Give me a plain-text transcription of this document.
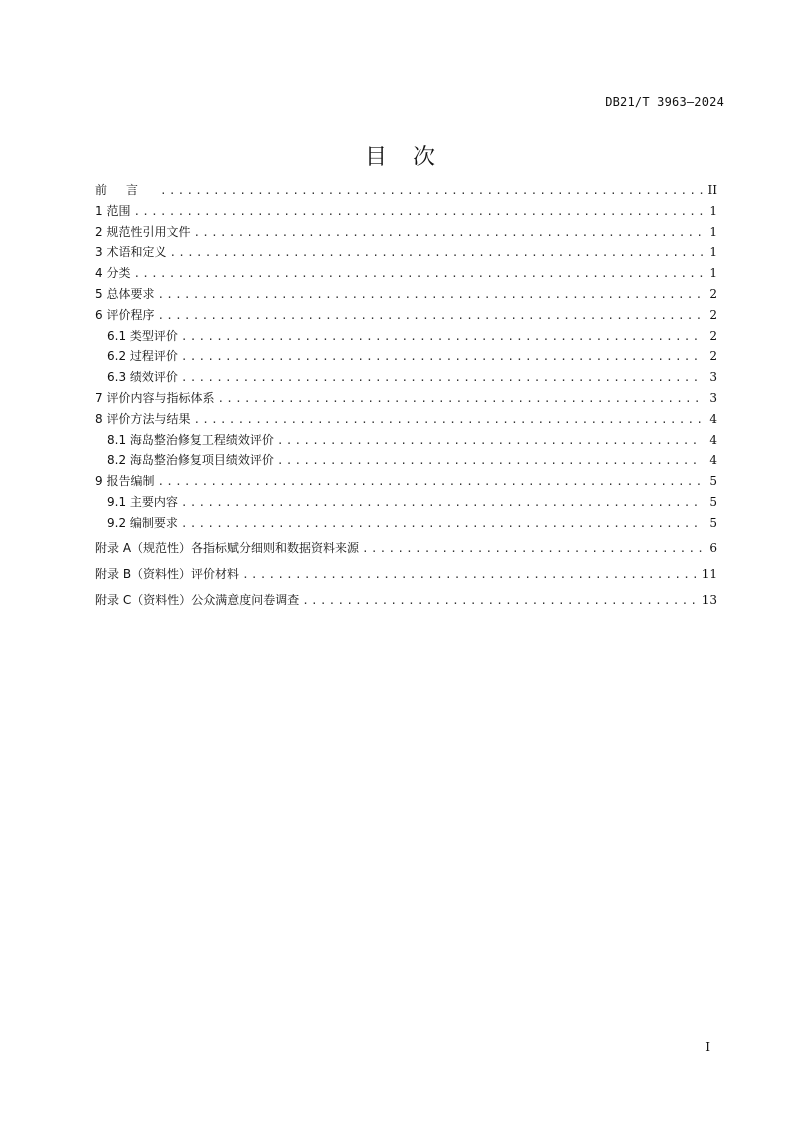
DB21/T 3963—2024
目次
前言 .....	II
1 范围 .....	1
2 规范性引用文件 .....	1
3 术语和定义 .....	1
4 分类 .....	1
5 总体要求 .....	2
6 评价程序 .....	2
6.1 类型评价 .....	2
6.2 过程评价 .....	2
6.3 绩效评价 .....	3
7 评价内容与指标体系 .....	3
8 评价方法与结果 .....	4
8.1 海岛整治修复工程绩效评价 .....	4
8.2 海岛整治修复项目绩效评价 .....	4
9 报告编制 .....	5
9.1 主要内容 .....	5
9.2 编制要求 .....	5
附录 A（规范性）各指标赋分细则和数据资料来源 .....	6
附录 B（资料性）评价材料 .....	11
附录 C（资料性）公众满意度问卷调查 .....	13
I
